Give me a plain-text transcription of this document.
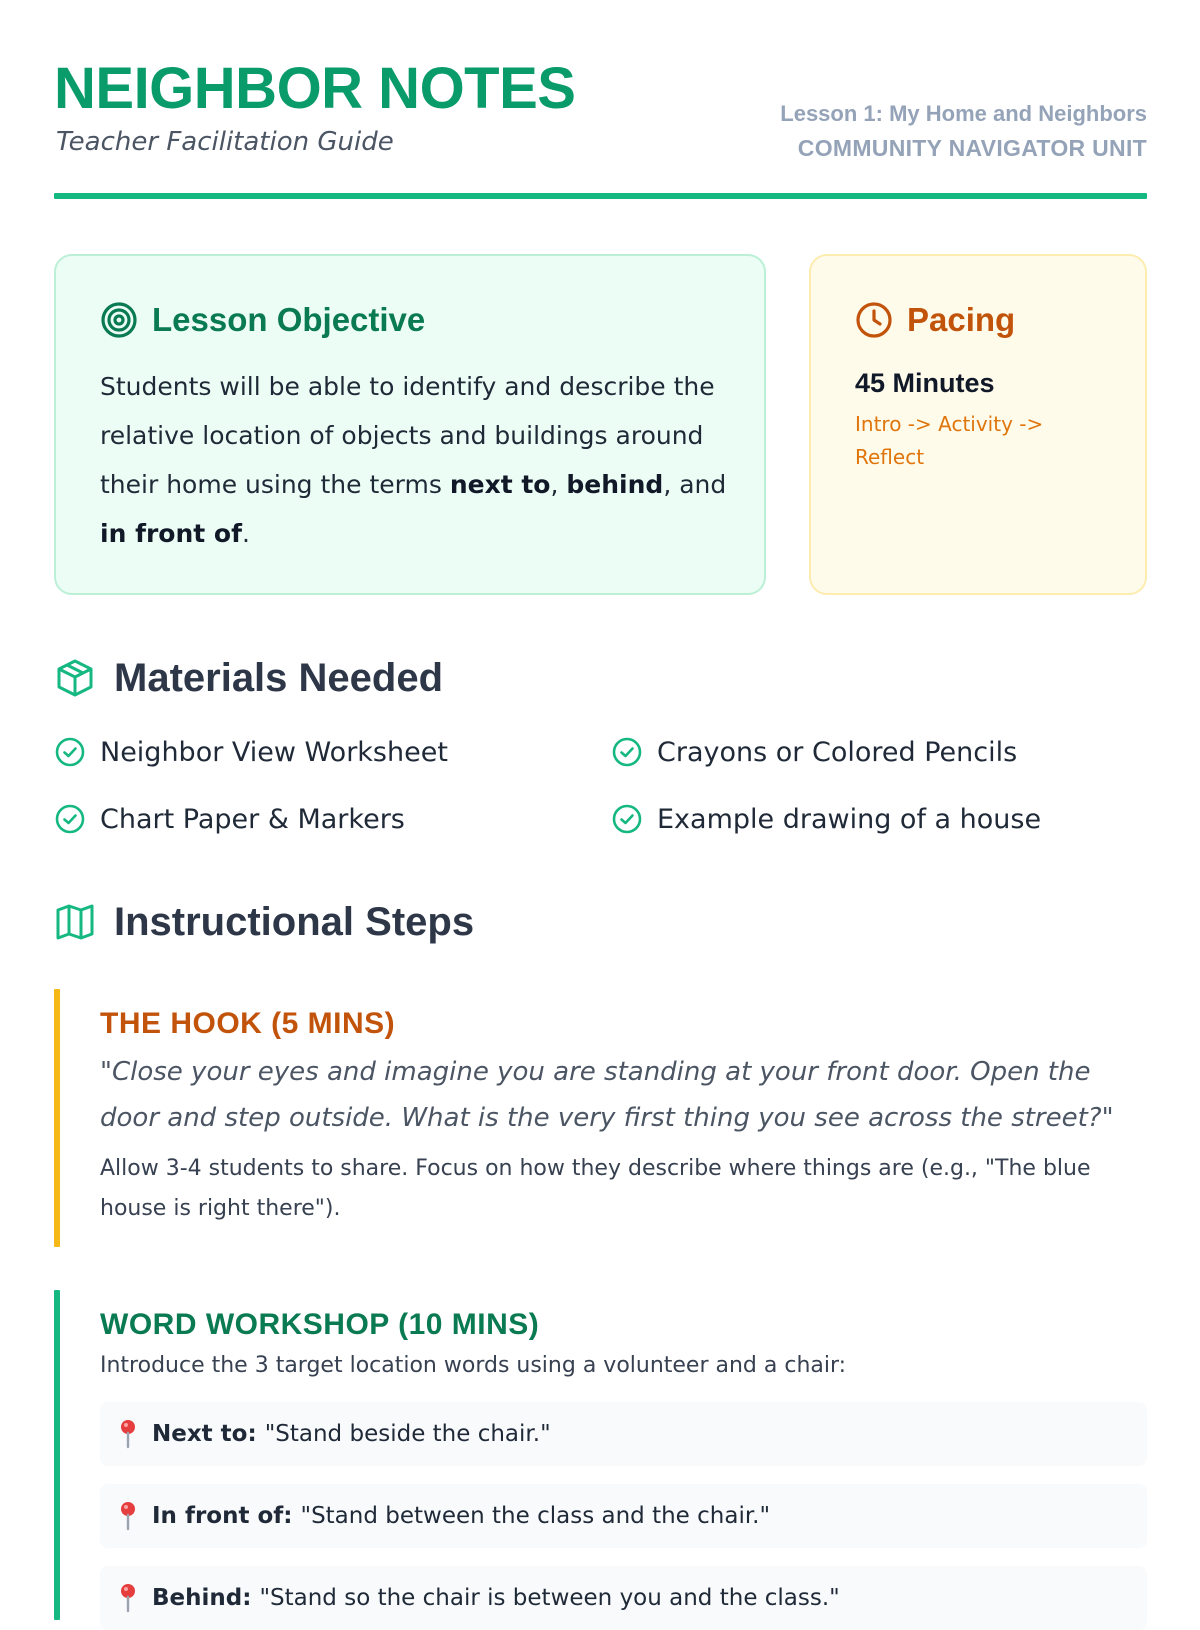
NEIGHBOR NOTES
Teacher Facilitation Guide
Lesson 1: My Home and Neighbors
COMMUNITY NAVIGATOR UNIT
Lesson Objective
Students will be able to identify and describe the relative location of objects and buildings around their home using the terms next to, behind, and in front of.
Pacing
45 Minutes
Intro -> Activity -> Reflect
Materials Needed
Neighbor View Worksheet	Crayons or Colored Pencils
Chart Paper & Markers	Example drawing of a house
Instructional Steps
THE HOOK (5 MINS)
"Close your eyes and imagine you are standing at your front door. Open the door and step outside. What is the very first thing you see across the street?"
Allow 3-4 students to share. Focus on how they describe where things are (e.g., "The blue house is right there").
WORD WORKSHOP (10 MINS)
Introduce the 3 target location words using a volunteer and a chair:
Next to: "Stand beside the chair."
In front of: "Stand between the class and the chair."
Behind: "Stand so the chair is between you and the class."
